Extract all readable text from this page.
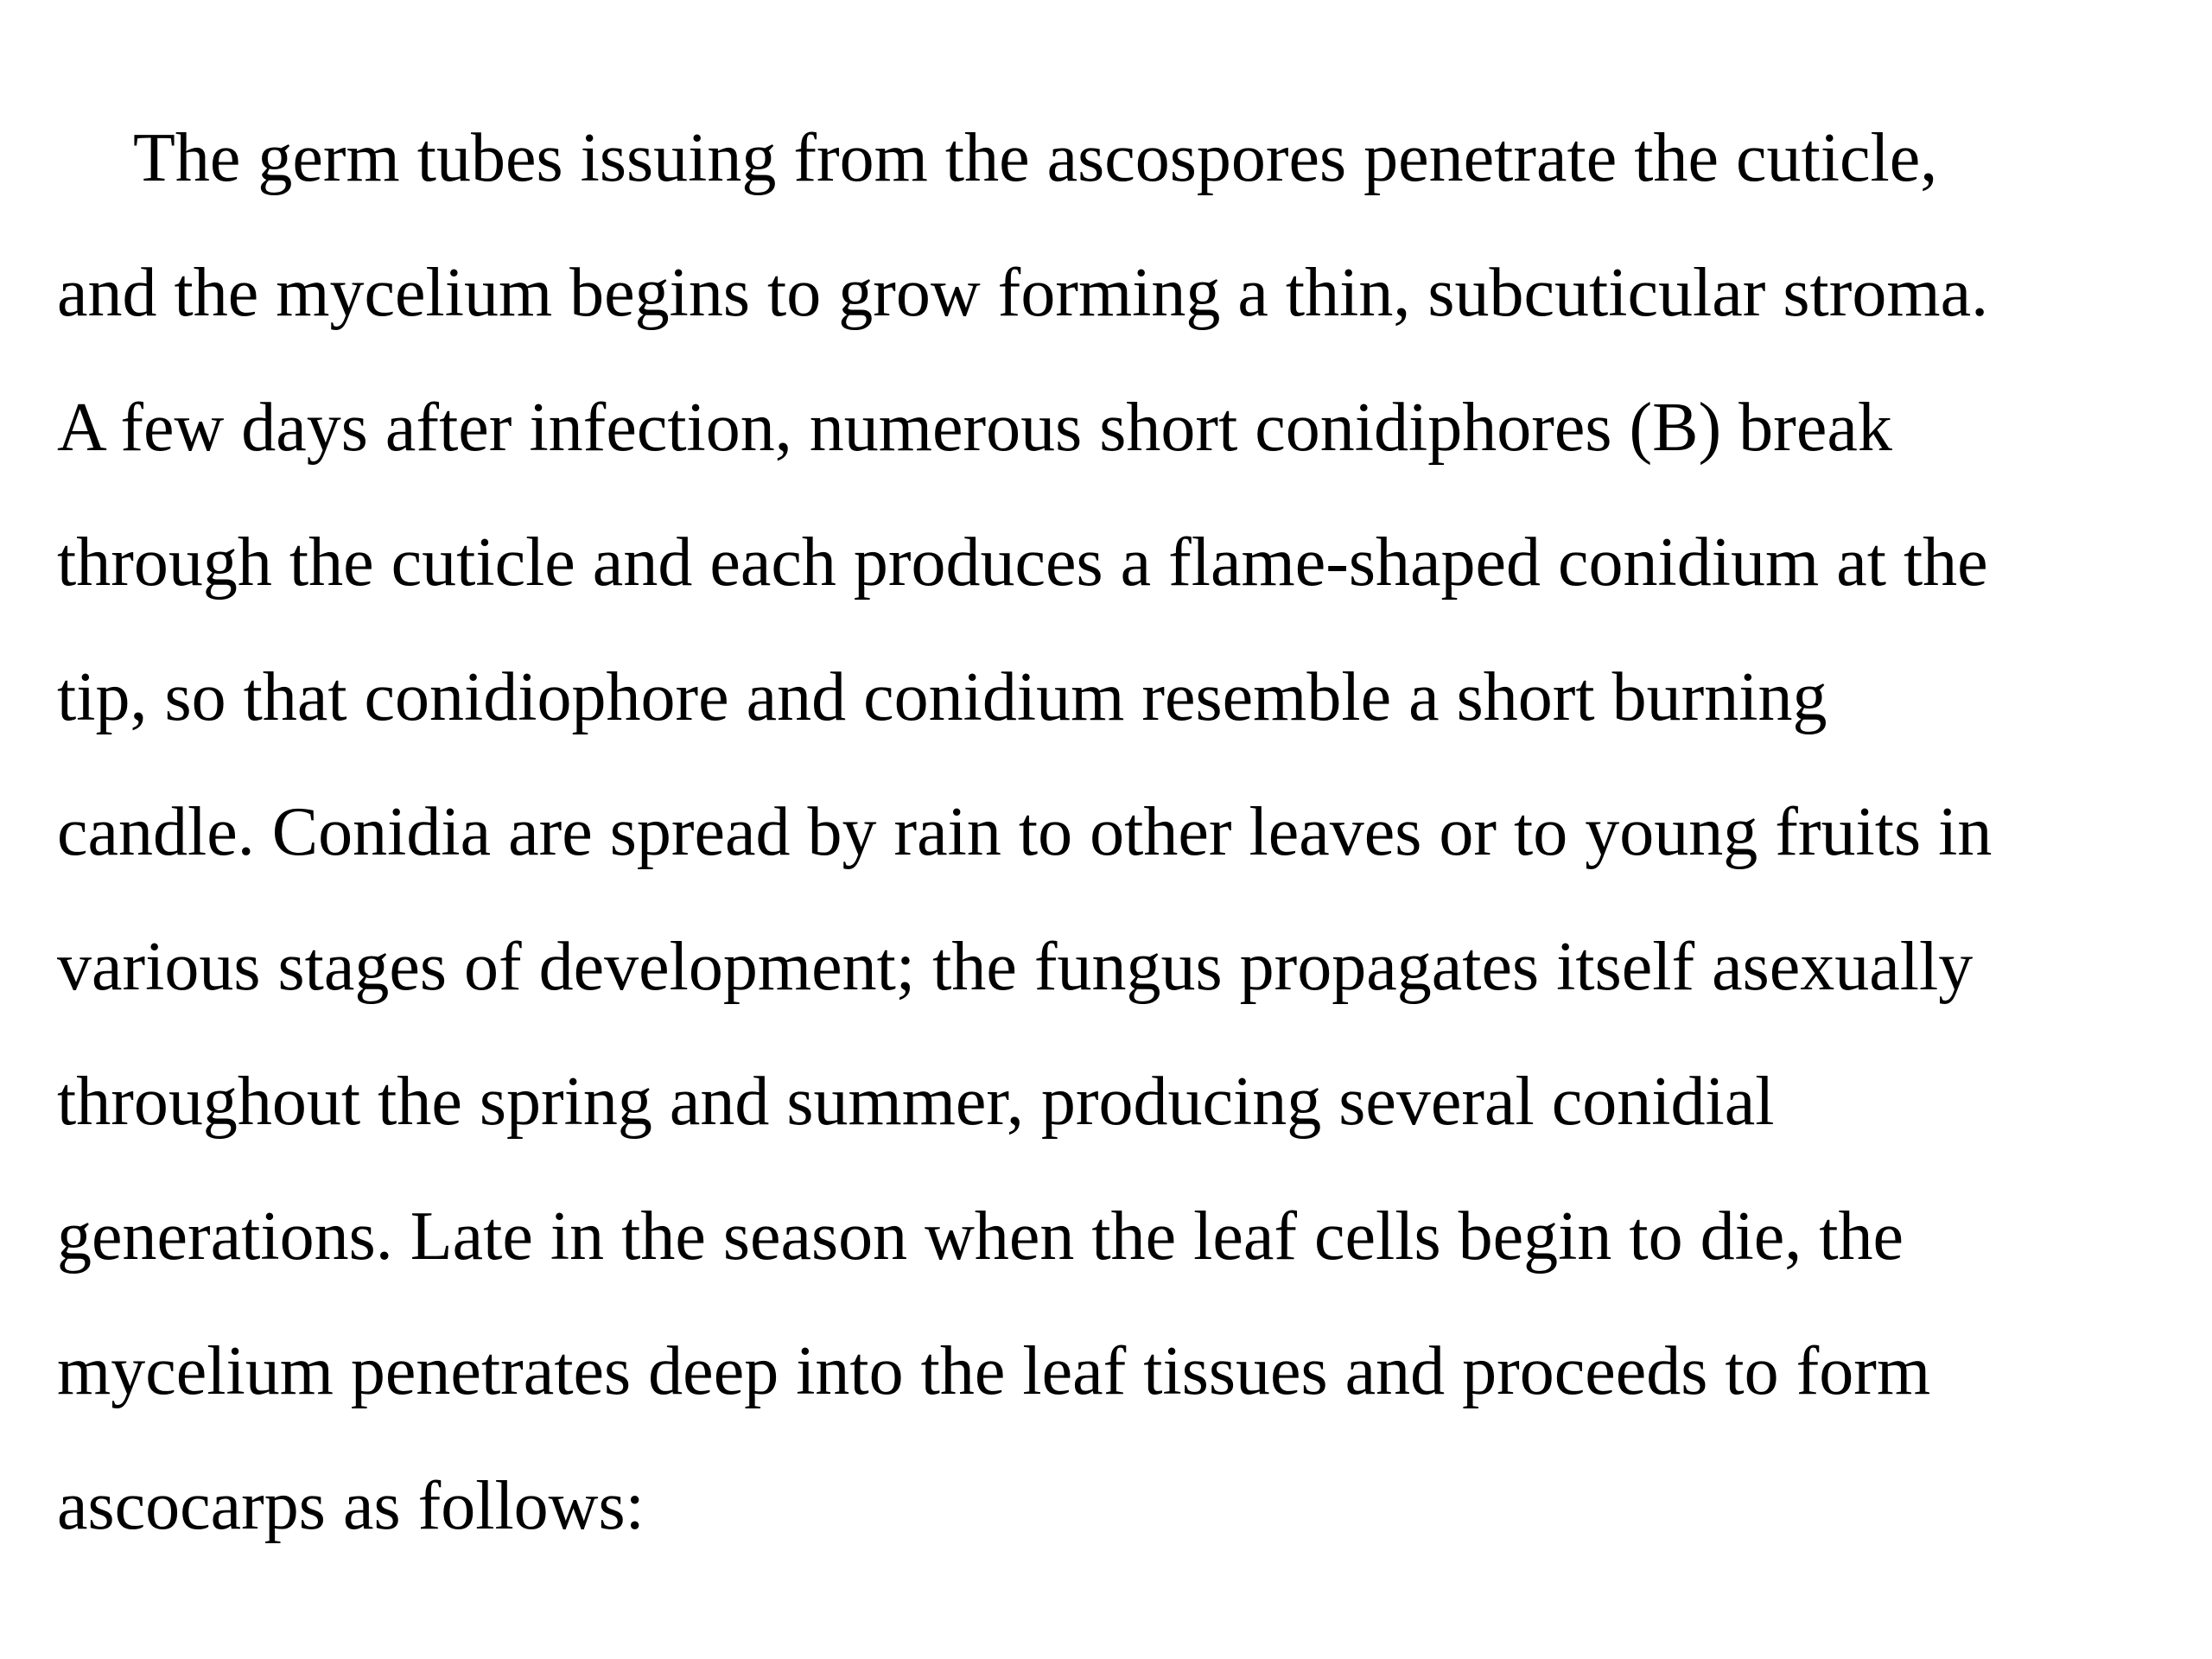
The germ tubes issuing from the ascospores penetrate the cuticle,
and the mycelium begins to grow forming a thin, subcuticular stroma.
A few days after infection, numerous short conidiphores (B) break
through the cuticle and each produces a flame-shaped conidium at the
tip, so that conidiophore and conidium resemble a short burning
candle. Conidia are spread by rain to other leaves or to young fruits in
various stages of development; the fungus propagates itself asexually
throughout the spring and summer, producing several conidial
generations. Late in the season when the leaf cells begin to die, the
mycelium penetrates deep into the leaf tissues and proceeds to form
ascocarps as follows:
